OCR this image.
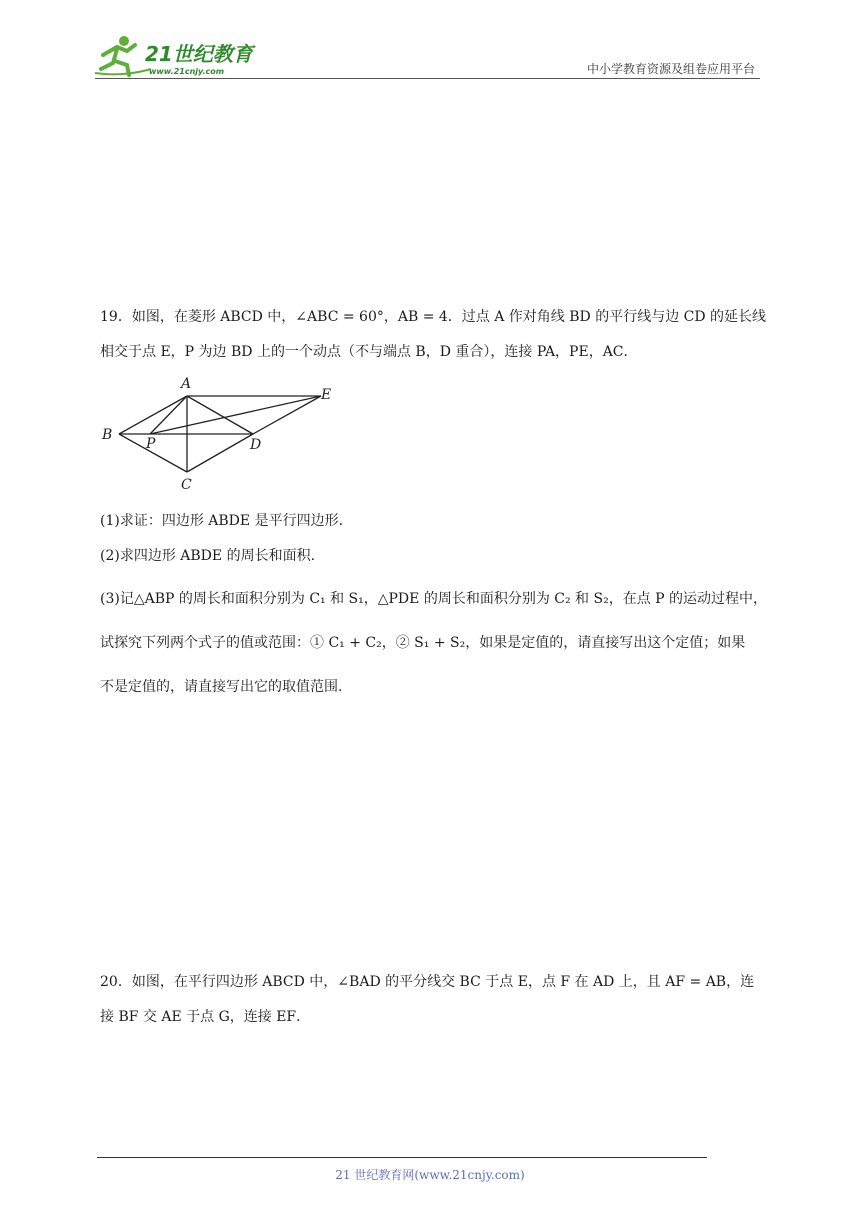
21世纪教育
www.21cnjy.com	中小学教育资源及组卷应用平台
19．如图，在菱形 ABCD 中，∠ABC = 60°，AB = 4．过点 A 作对角线 BD 的平行线与边 CD 的延长线
相交于点 E，P 为边 BD 上的一个动点（不与端点 B，D 重合），连接 PA，PE，AC．
A
B
C
D
E
P
(1)求证：四边形 ABDE 是平行四边形.
(2)求四边形 ABDE 的周长和面积.
(3)记△ABP 的周长和面积分别为 C₁ 和 S₁，△PDE 的周长和面积分别为 C₂ 和 S₂，在点 P 的运动过程中，
试探究下列两个式子的值或范围：① C₁ + C₂，② S₁ + S₂，如果是定值的，请直接写出这个定值；如果
不是定值的，请直接写出它的取值范围.
20．如图，在平行四边形 ABCD 中，∠BAD 的平分线交 BC 于点 E，点 F 在 AD 上，且 AF = AB，连
接 BF 交 AE 于点 G，连接 EF．
21 世纪教育网(www.21cnjy.com)
